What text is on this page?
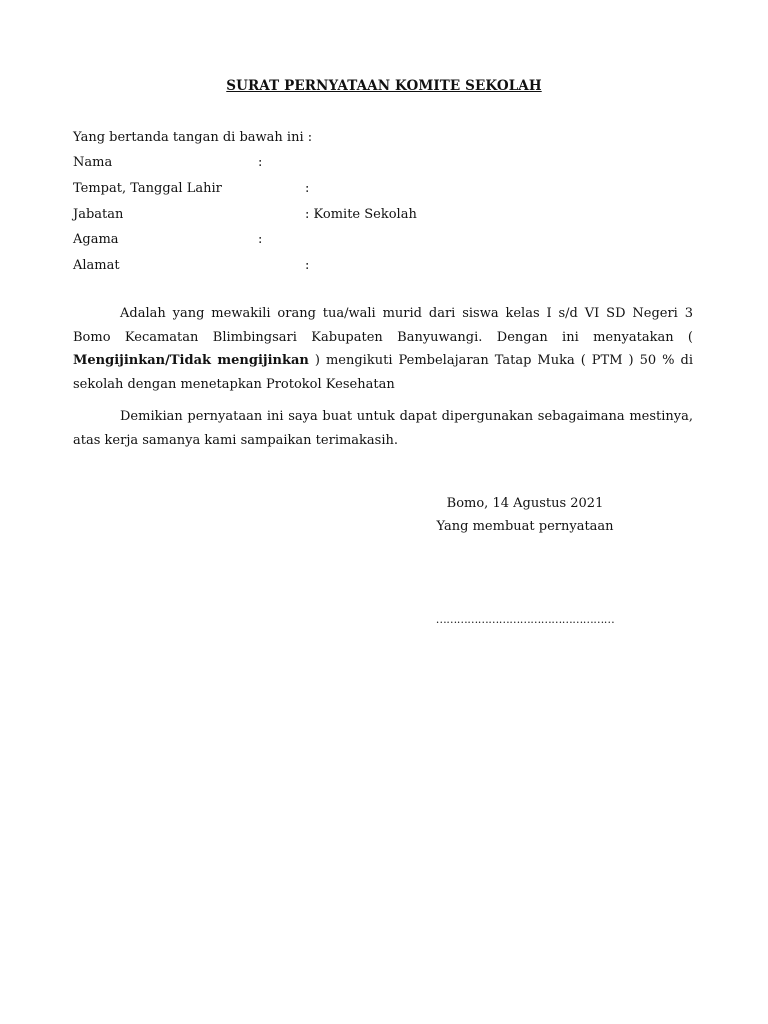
SURAT PERNYATAAN KOMITE SEKOLAH
Yang bertanda tangan di bawah ini :
Nama	:
Tempat, Tanggal Lahir	:
Jabatan	: Komite Sekolah
Agama	:
Alamat	:
Adalah yang mewakili orang tua/wali murid dari siswa kelas I s/d VI SD Negeri 3 Bomo Kecamatan Blimbingsari Kabupaten Banyuwangi. Dengan ini menyatakan ( Mengijinkan/Tidak mengijinkan ) mengikuti Pembelajaran Tatap Muka ( PTM ) 50 % di sekolah dengan menetapkan Protokol Kesehatan
Demikian pernyataan ini saya buat untuk dapat dipergunakan sebagaimana mestinya, atas kerja samanya kami sampaikan terimakasih.
Bomo, 14 Agustus 2021
Yang membuat pernyataan
……………………………………………
